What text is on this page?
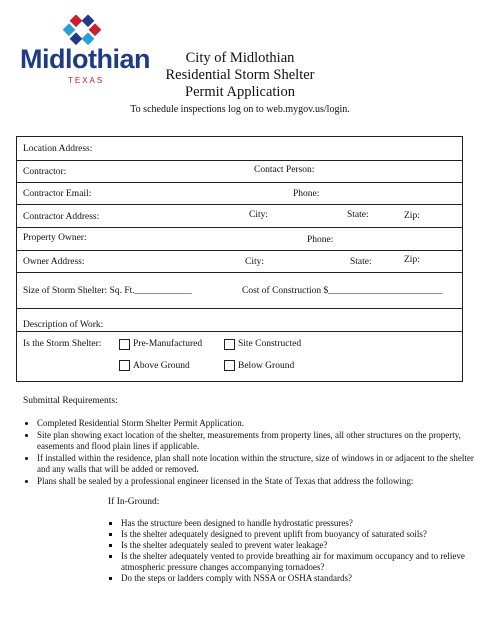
Midlothian
TEXAS
City of Midlothian
Residential Storm Shelter
Permit Application
To schedule inspections log on to web.mygov.us/login.
Location Address:
Contractor:	Contact Person:
Contractor Email:	Phone:
Contractor Address:	City:	State:	Zip:
Property Owner:	Phone:
Owner Address:	City:	State:	Zip:
Size of Storm Shelter: Sq. Ft.____________	Cost of Construction $________________________
Description of Work:
Is the Storm Shelter:	Pre-Manufactured	Site Constructed
Above Ground	Below Ground
Submittal Requirements:
• Completed Residential Storm Shelter Permit Application.
• Site plan showing exact location of the shelter, measurements from property lines, all other structures on the property, easements and flood plain lines if applicable.
• If installed within the residence, plan shall note location within the structure, size of windows in or adjacent to the shelter and any walls that will be added or removed.
• Plans shall be sealed by a professional engineer licensed in the State of Texas that address the following:
If In-Ground:
▪ Has the structure been designed to handle hydrostatic pressures?
▪ Is the shelter adequately designed to prevent uplift from buoyancy of saturated soils?
▪ Is the shelter adequately sealed to prevent water leakage?
▪ Is the shelter adequately vented to provide breathing air for maximum occupancy and to relieve atmospheric pressure changes accompanying tornadoes?
▪ Do the steps or ladders comply with NSSA or OSHA standards?
